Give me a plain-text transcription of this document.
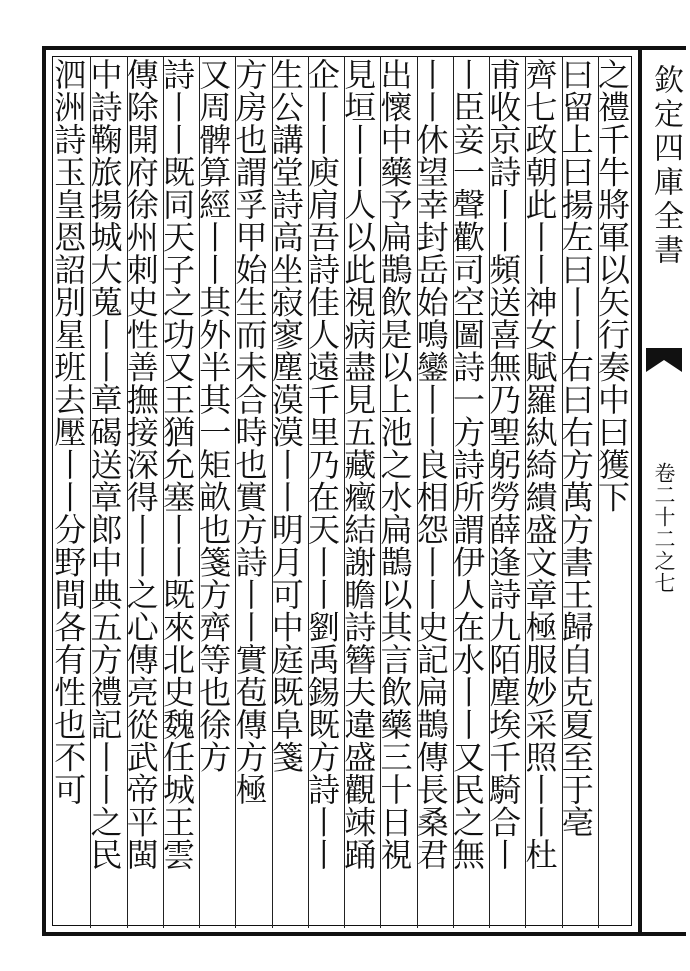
之禮千牛將軍以矢行奏中曰獲下
曰留上曰揚左曰丨丨右曰右方萬方書王歸自克夏至于亳
齊七政朝此丨丨神女賦羅紈綺繢盛文章極服妙采照丨丨杜
甫收京詩丨丨頻送喜無乃聖躬勞薛逢詩九陌塵埃千騎合丨
丨臣妾一聲歡司空圖詩一方詩所謂伊人在水丨丨又民之無
丨丨休望幸封岳始鳴鑾丨丨良相怨丨丨史記扁鵲傳長桑君
出懷中藥予扁鵲飲是以上池之水扁鵲以其言飲藥三十日視
見垣丨丨人以此視病盡見五藏癥結謝瞻詩簪夫違盛觀竦踊
企丨丨庾肩吾詩佳人遠千里乃在天丨丨劉禹錫既方詩丨丨
生公講堂詩高坐寂寥塵漠漠丨丨明月可中庭既阜箋
方房也謂孚甲始生而未合時也實方詩丨丨實苞傳方極
又周髀算經丨丨其外半其一矩畝也箋方齊等也徐方
詩丨丨既同天子之功又王猶允塞丨丨既來北史魏任城王雲
傳除開府徐州刺史性善撫接深得丨丨之心傳亮從武帝平閩
中詩鞠旅揚城大蒐丨丨章碣送章郎中典五方禮記丨丨之民
泗洲詩玉皇恩詔別星班去壓丨丨分野間各有性也不可	欽定四庫全書
卷二十二之七
